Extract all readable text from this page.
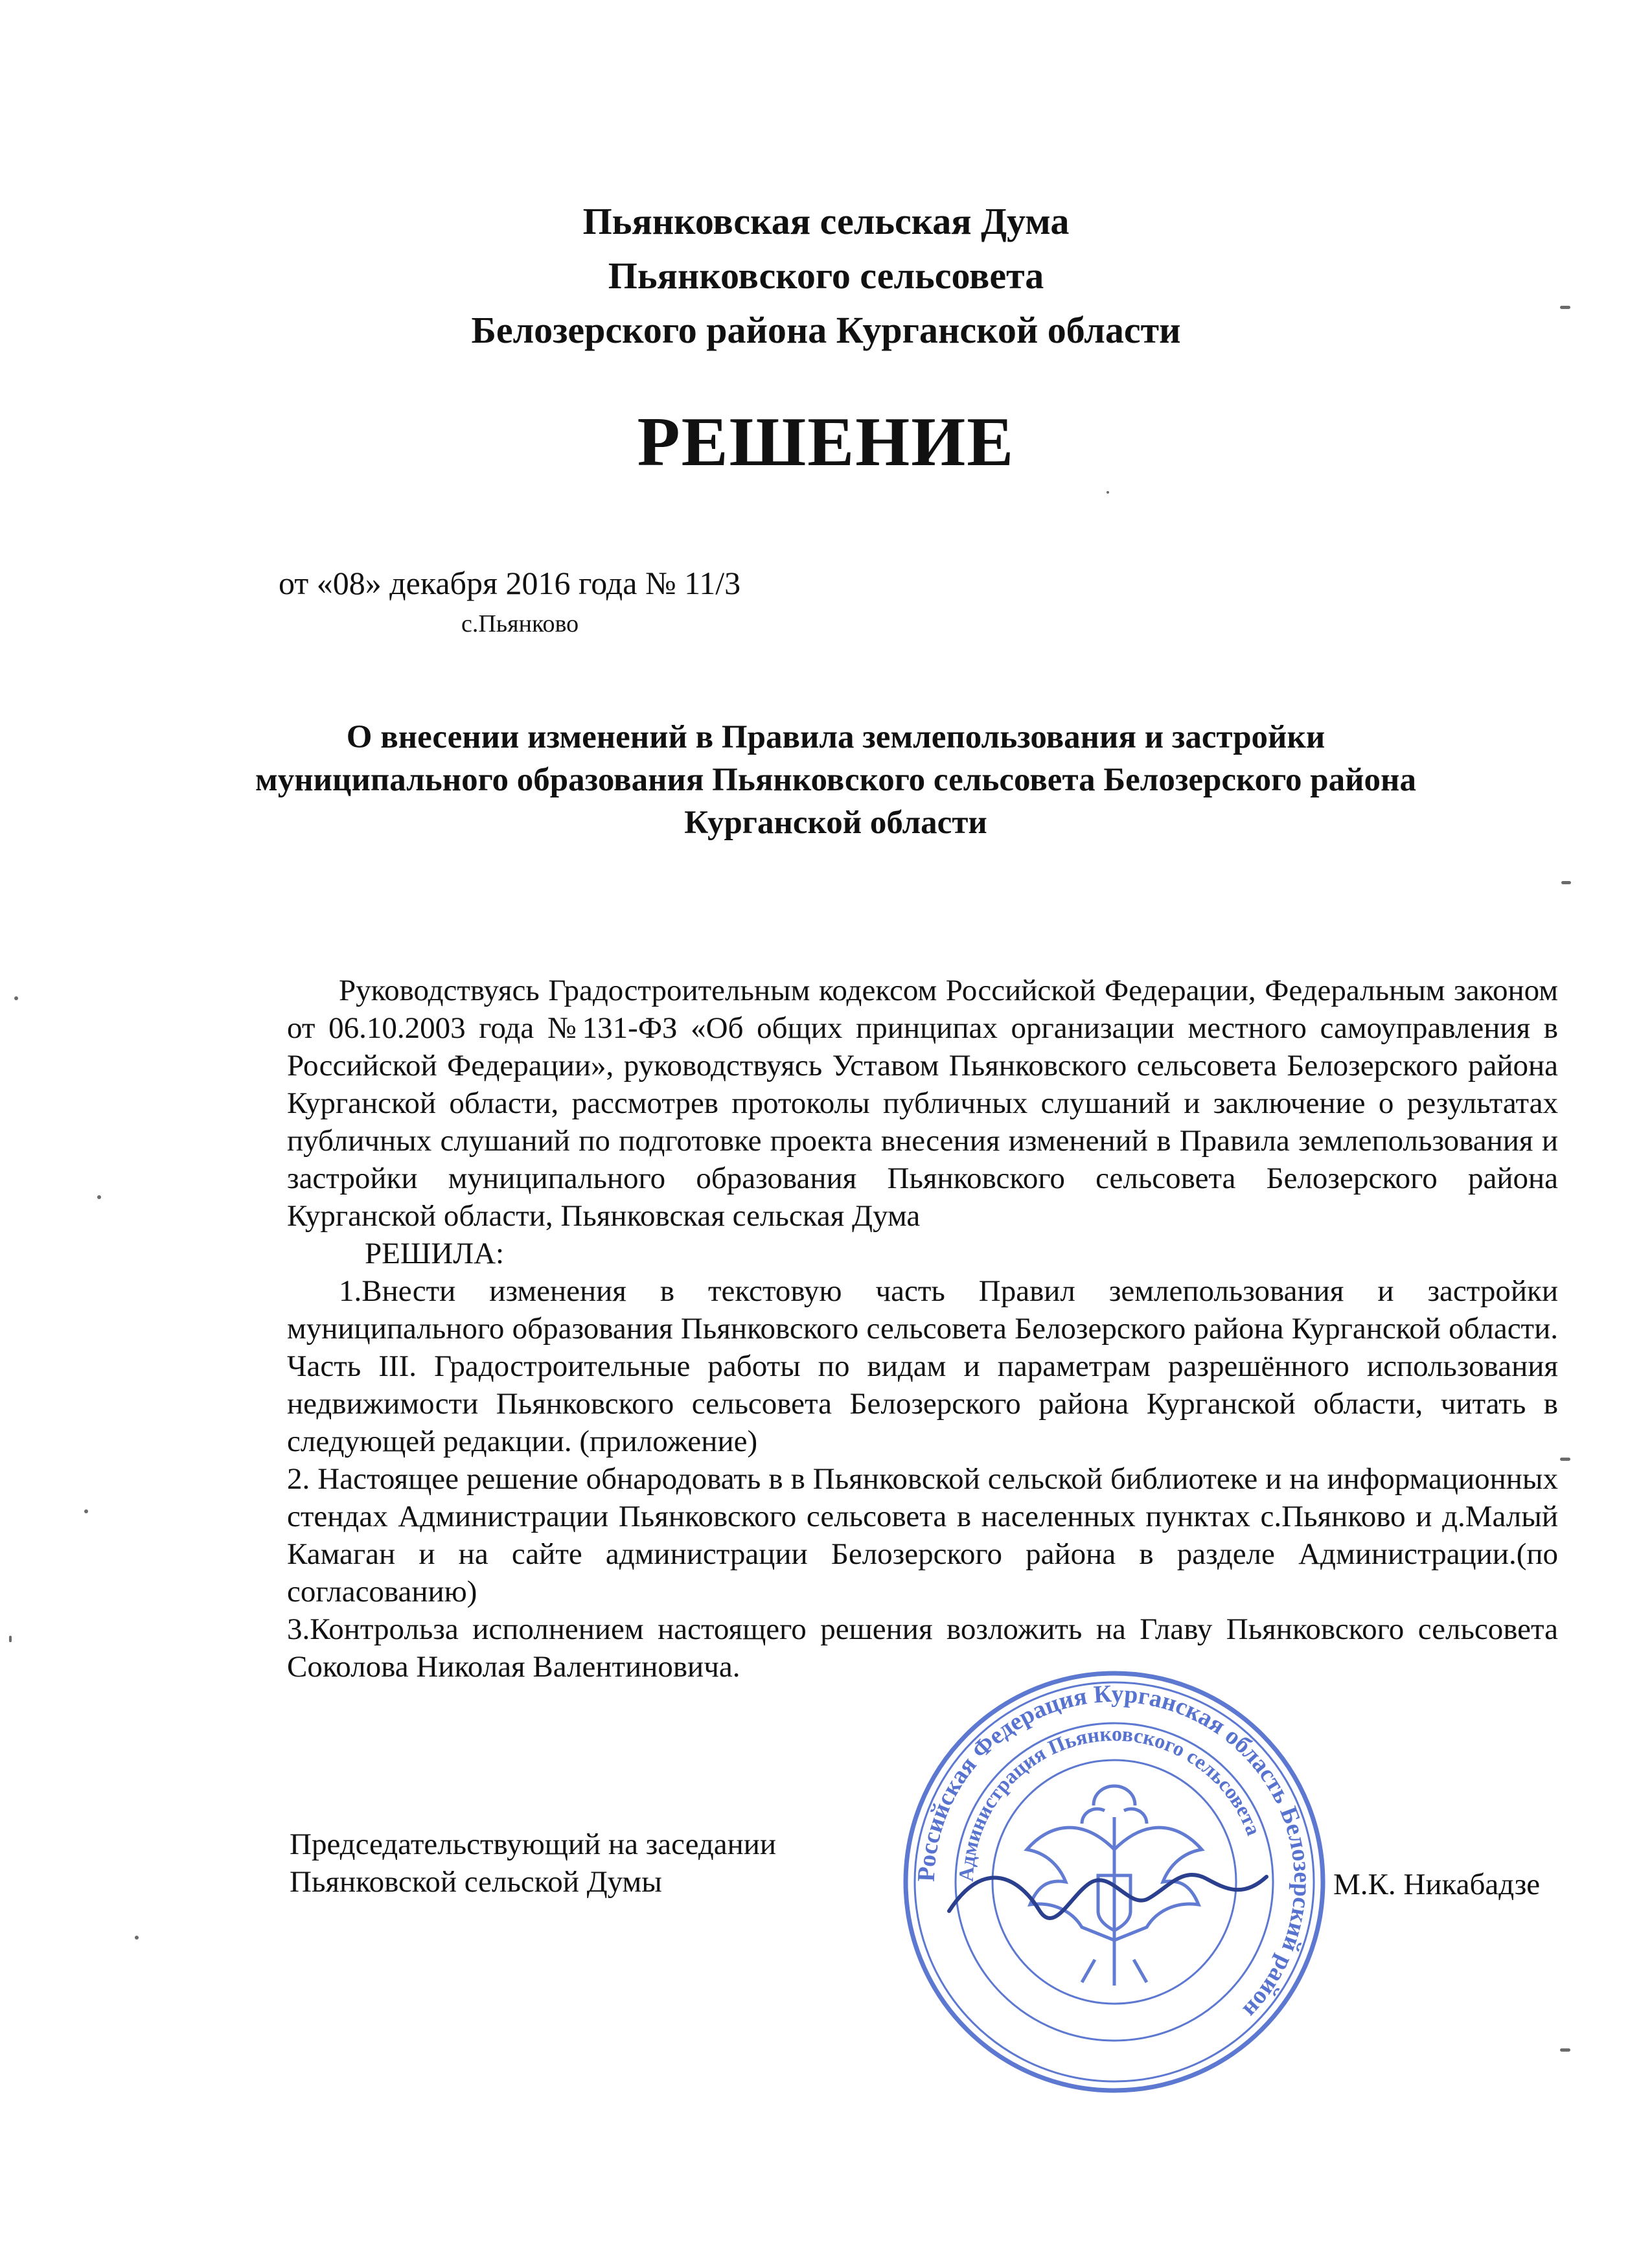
Пьянковская сельская Дума
Пьянковского сельсовета
Белозерского района Курганской области
РЕШЕНИЕ
от «08» декабря 2016 года № 11/3
с.Пьянково
О внесении изменений в Правила землепользования и застройки муниципального образования Пьянковского сельсовета Белозерского района Курганской области

Руководствуясь Градостроительным кодексом Российской Федерации, Федеральным законом от 06.10.2003 года №131-ФЗ «Об общих принципах организации местного самоуправления в Российской Федерации», руководствуясь Уставом Пьянковского сельсовета Белозерского района Курганской области, рассмотрев протоколы публичных слушаний и заключение о результатах публичных слушаний по подготовке проекта внесения изменений в Правила землепользования и застройки муниципального образования Пьянковского сельсовета Белозерского района Курганской области, Пьянковская сельская Дума

РЕШИЛА:

1.Внести изменения в текстовую часть Правил землепользования и застройки муниципального образования Пьянковского сельсовета Белозерского района Курганской области. Часть III. Градостроительные работы по видам и параметрам разрешённого использования недвижимости Пьянковского сельсовета Белозерского района Курганской области, читать в следующей редакции. (приложение)

2. Настоящее решение обнародовать в в Пьянковской сельской библиотеке и на информационных стендах Администрации Пьянковского сельсовета в населенных пунктах с.Пьянково и д.Малый Камаган и на сайте администрации Белозерского района в разделе Администрации.(по согласованию)

3.Контрольза исполнением настоящего решения возложить на Главу Пьянковского сельсовета Соколова Николая Валентиновича.

Председательствующий на заседании
Пьянковской сельской Думы	М.К. Никабадзе
Российская Федерация Курганская область Белозерский район
Администрация Пьянковского сельсовета
